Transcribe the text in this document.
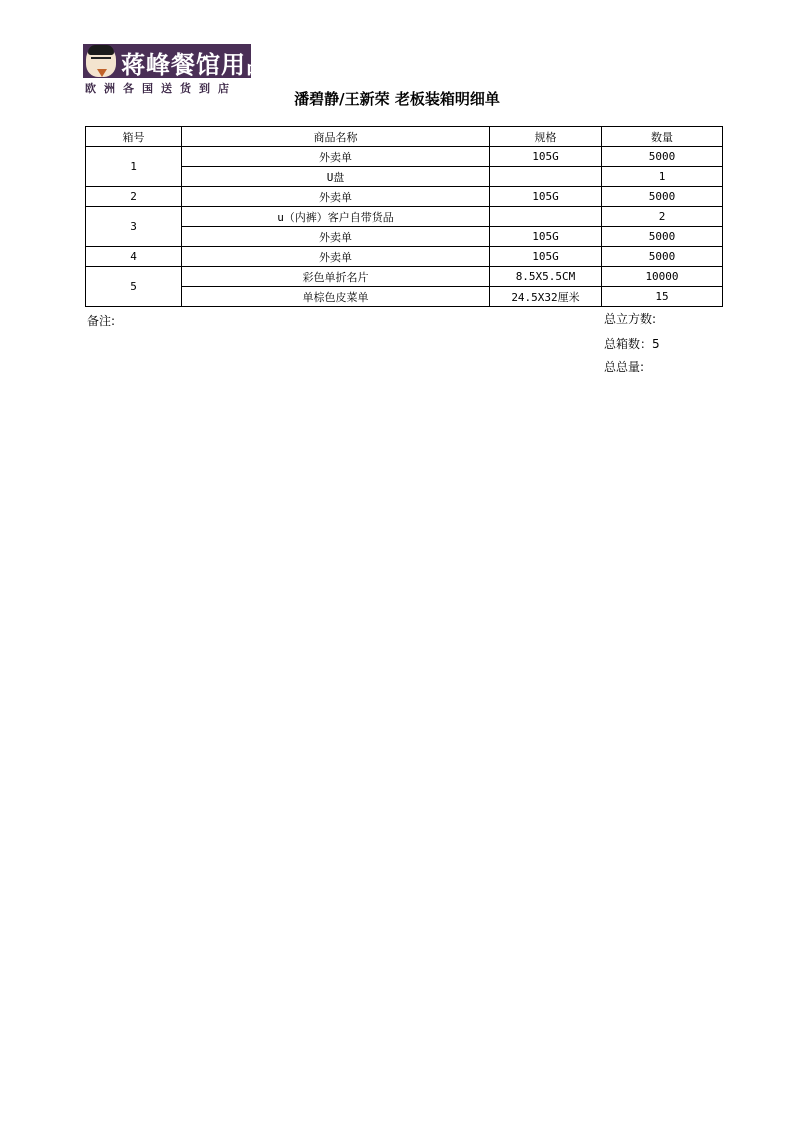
蒋峰餐馆用品
欧洲各国送货到店
潘碧静/王新荣 老板装箱明细单
箱号	商品名称	规格	数量
1	外卖单	105G	5000
	U盘		1
2	外卖单	105G	5000
3	u（内裤）客户自带货品		2
	外卖单	105G	5000
4	外卖单	105G	5000
5	彩色单折名片	8.5X5.5CM	10000
	单棕色皮菜单	24.5X32厘米	15
备注:	总立方数:
总箱数：5
总总量:
